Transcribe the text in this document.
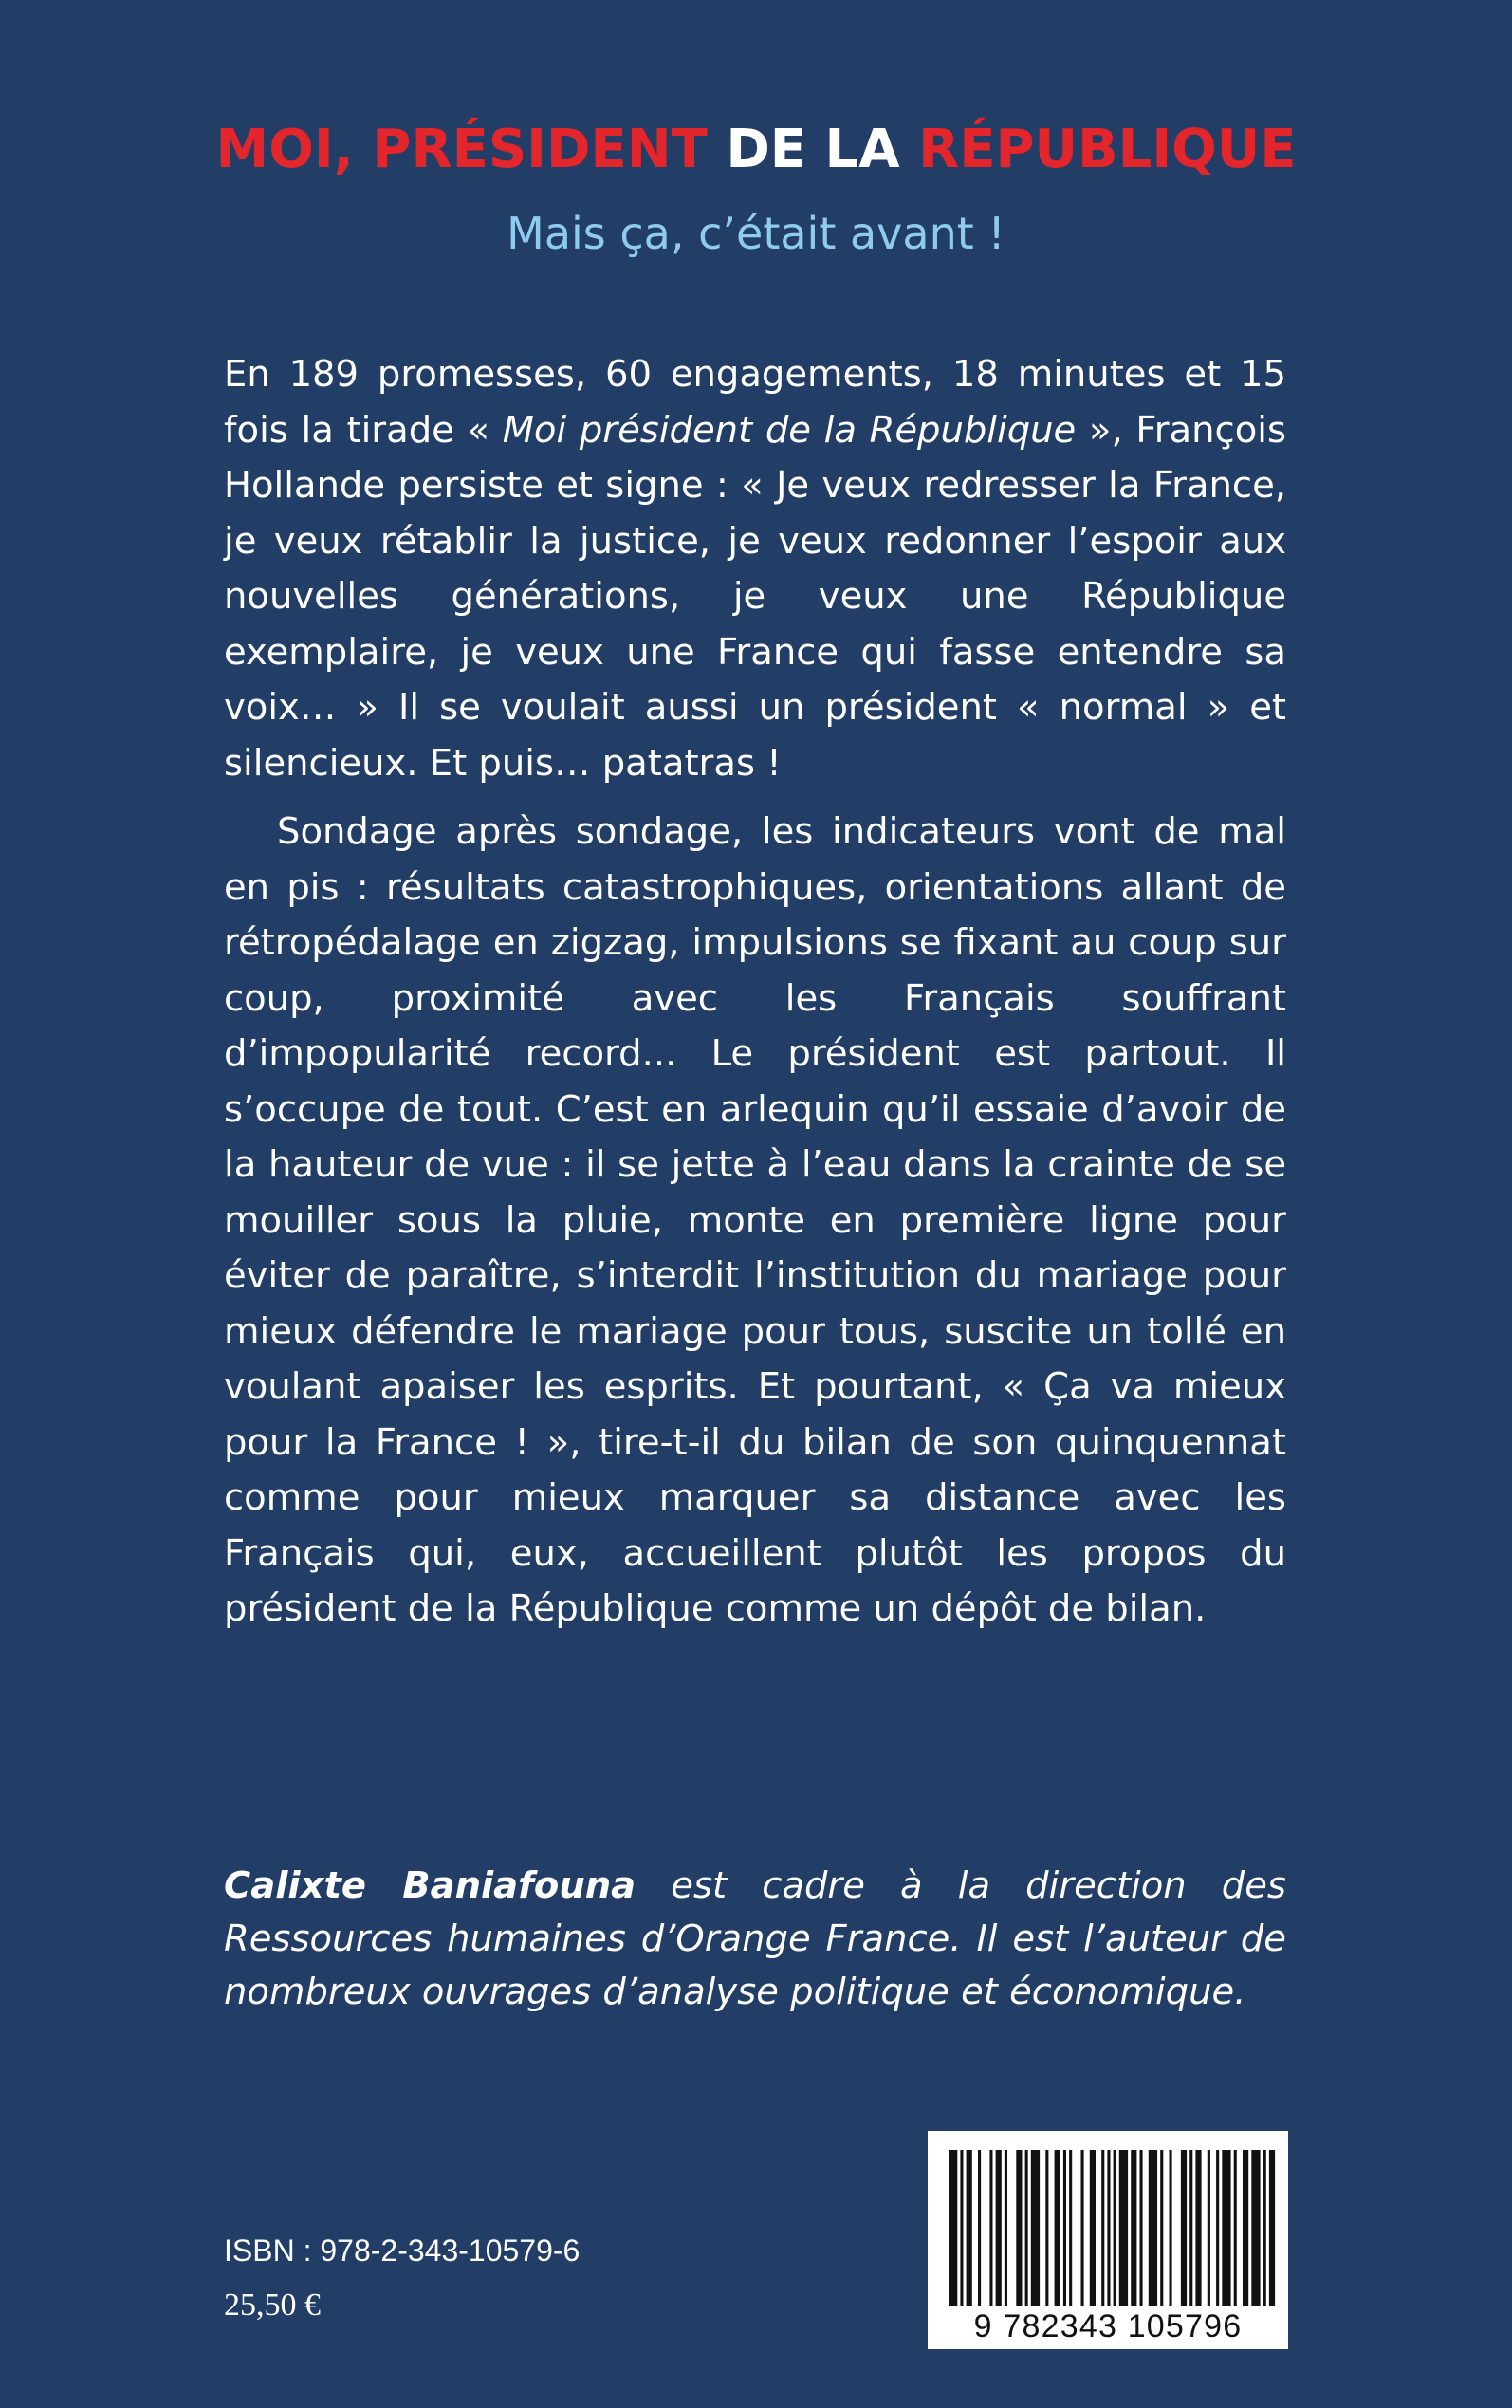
MOI, PRÉSIDENT DE LA RÉPUBLIQUE
Mais ça, c’était avant !

En 189 promesses, 60 engagements, 18 minutes et 15 fois la tirade « Moi président de la République », François Hollande persiste et signe : « Je veux redresser la France, je veux rétablir la justice, je veux redonner l’espoir aux nouvelles générations, je veux une République exemplaire, je veux une France qui fasse entendre sa voix… » Il se voulait aussi un président « normal » et silencieux. Et puis… patatras !

Sondage après sondage, les indicateurs vont de mal en pis : résultats catastrophiques, orientations allant de rétropédalage en zigzag, impulsions se fixant au coup sur coup, proximité avec les Français souffrant d’impopularité record... Le président est partout. Il s’occupe de tout. C’est en arlequin qu’il essaie d’avoir de la hauteur de vue : il se jette à l’eau dans la crainte de se mouiller sous la pluie, monte en première ligne pour éviter de paraître, s’interdit l’institution du mariage pour mieux défendre le mariage pour tous, suscite un tollé en voulant apaiser les esprits. Et pourtant, « Ça va mieux pour la France ! », tire-t-il du bilan de son quinquennat comme pour mieux marquer sa distance avec les Français qui, eux, accueillent plutôt les propos du président de la République comme un dépôt de bilan.

Calixte Baniafouna est cadre à la direction des Ressources humaines d’Orange France. Il est l’auteur de nombreux ouvrages d’analyse politique et économique.
ISBN : 978-2-343-10579-6
25,50 €
9 782343 105796
